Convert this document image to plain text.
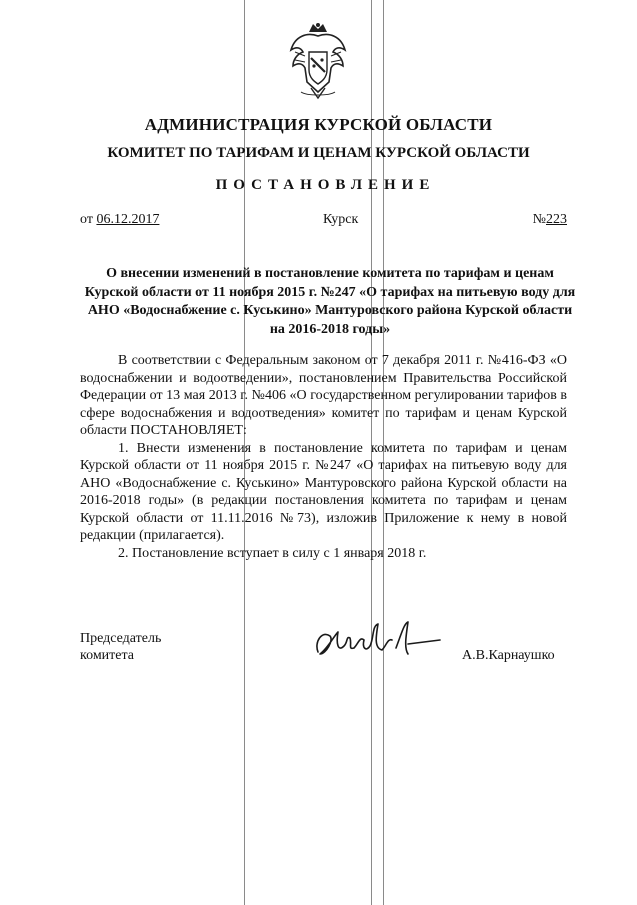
АДМИНИСТРАЦИЯ КУРСКОЙ ОБЛАСТИ
КОМИТЕТ ПО ТАРИФАМ И ЦЕНАМ КУРСКОЙ ОБЛАСТИ
ПОСТАНОВЛЕНИЕ
от 06.12.2017	Курск	№223
О внесении изменений в постановление комитета по тарифам и ценам Курской области от 11 ноября 2015 г. №247 «О тарифах на питьевую воду для АНО «Водоснабжение с. Куськино» Мантуровского района Курской области на 2016-2018 годы»

В соответствии с Федеральным законом от 7 декабря 2011 г. №416-ФЗ «О водоснабжении и водоотведении», постановлением Правительства Российской Федерации от 13 мая 2013 г. №406 «О государственном регулировании тарифов в сфере водоснабжения и водоотведения» комитет по тарифам и ценам Курской области ПОСТАНОВЛЯЕТ:

1. Внести изменения в постановление комитета по тарифам и ценам Курской области от 11 ноября 2015 г. №247 «О тарифах на питьевую воду для АНО «Водоснабжение с. Куськино» Мантуровского района Курской области на 2016-2018 годы» (в редакции постановления комитета по тарифам и ценам Курской области от 11.11.2016 №73), изложив Приложение к нему в новой редакции (прилагается).

2. Постановление вступает в силу с 1 января 2018 г.

Председатель
комитета	А.В.Карнаушко
